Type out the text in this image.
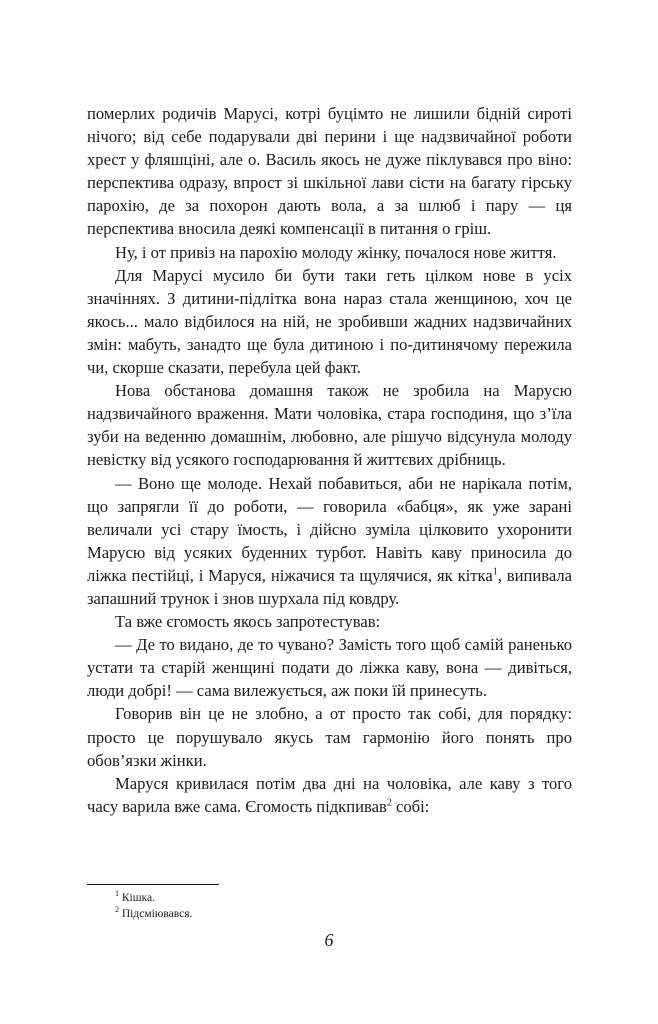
померлих родичів Марусі, котрі буцімто не лишили бідній сироті нічого; від себе подарували дві перини і ще надзвичайної роботи хрест у фляшціні, але о. Василь якось не дуже піклувався про віно: перспектива одразу, впрост зі шкільної лави сісти на багату гірську парохію, де за похорон дають вола, а за шлюб і пару — ця перспектива вносила деякі компенсації в питання о гріш.

Ну, і от привіз на парохію молоду жінку, почалося нове життя.

Для Марусі мусило би бути таки геть цілком нове в усіх значіннях. З дитини-підлітка вона нараз стала женщиною, хоч це якось... мало відбилося на ній, не зробивши жадних надзвичайних змін: мабуть, занадто ще була дитиною і по-дитинячому пережила чи, скорше сказати, перебула цей факт.

Нова обстанова домашня також не зробила на Марусю надзвичайного враження. Мати чоловіка, стара господиня, що з’їла зуби на веденню домашнім, любовно, але рішучо відсунула молоду невістку від усякого господарювання й життєвих дрібниць.

— Воно ще молоде. Нехай побавиться, аби не нарікала потім, що запрягли її до роботи, — говорила «бабця», як уже зарані величали усі стару їмость, і дійсно зуміла цілковито ухоронити Марусю від усяких буденних турбот. Навіть каву приносила до ліжка пестійці, і Маруся, ніжачися та щулячися, як кітка$^1$, випивала запашний трунок і знов шурхала під ковдру.

Та вже єгомость якось запротестував:

— Де то видано, де то чувано? Замість того щоб самій раненько устати та старій женщині подати до ліжка каву, вона — дивіться, люди добрі! — сама вилежується, аж поки їй принесуть.

Говорив він це не злобно, а от просто так собі, для порядку: просто це порушувало якусь там гармонію його понять про обов’язки жінки.

Маруся кривилася потім два дні на чоловіка, але каву з того часу варила вже сама. Єгомость підкпивав$^2$ собі:

$^1$ Кішка.

$^2$ Підсміювався.

6
